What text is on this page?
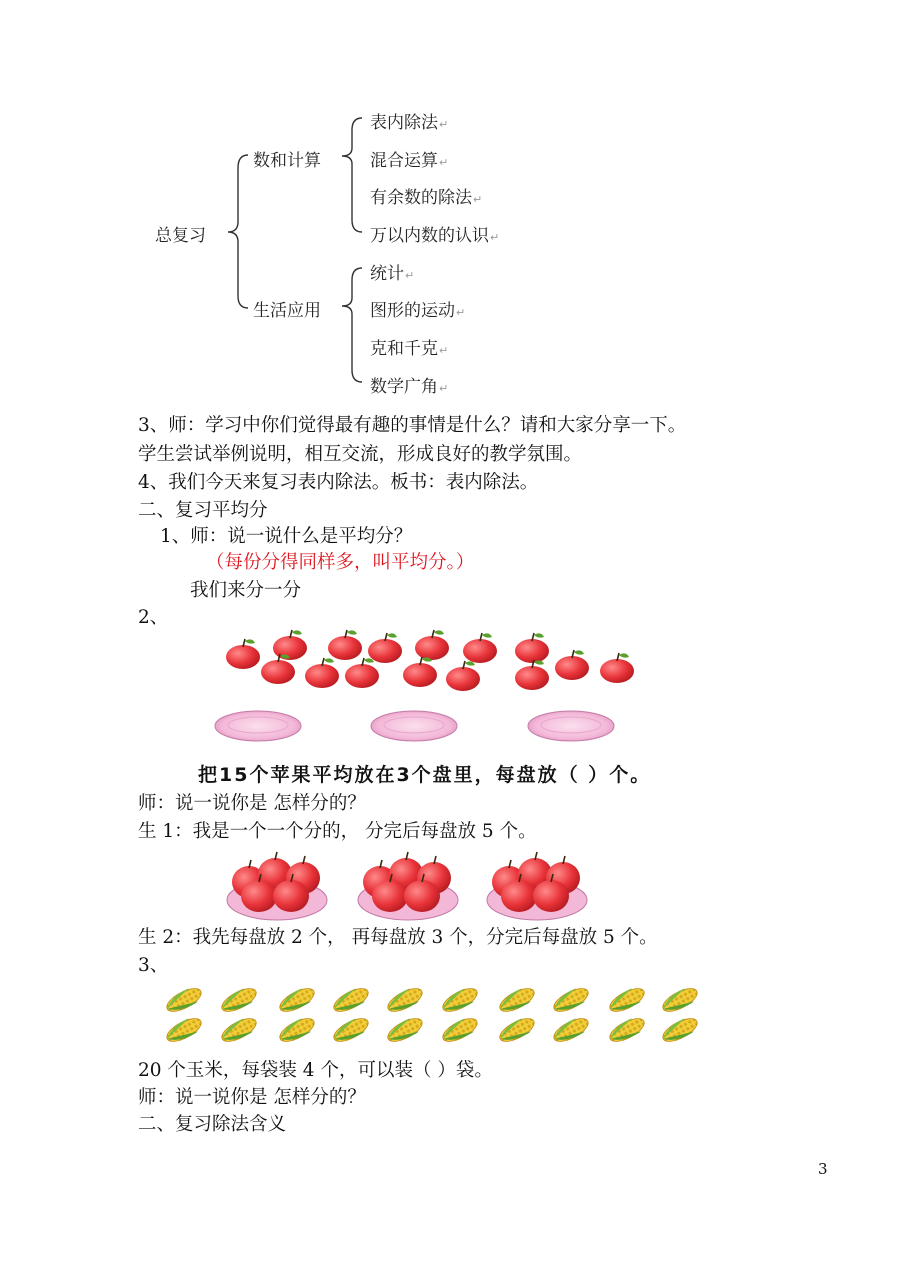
总复习
数和计算
生活应用
表内除法↵
混合运算↵
有余数的除法↵
万以内数的认识↵
统计↵
图形的运动↵
克和千克↵
数学广角↵
3、师：学习中你们觉得最有趣的事情是什么？请和大家分享一下。
学生尝试举例说明，相互交流，形成良好的教学氛围。
4、我们今天来复习表内除法。板书：表内除法。
二、复习平均分
1、师：说一说什么是平均分？
（每份分得同样多，叫平均分。）
我们来分一分
2、
把15个苹果平均放在3个盘里，每盘放（ ）个。
师：说一说你是 怎样分的？
生 1：我是一个一个分的， 分完后每盘放 5 个。
生 2：我先每盘放 2 个， 再每盘放 3 个，分完后每盘放 5 个。
3、
20 个玉米，每袋装 4 个，可以装（ ）袋。
师：说一说你是 怎样分的？
二、复习除法含义
3
